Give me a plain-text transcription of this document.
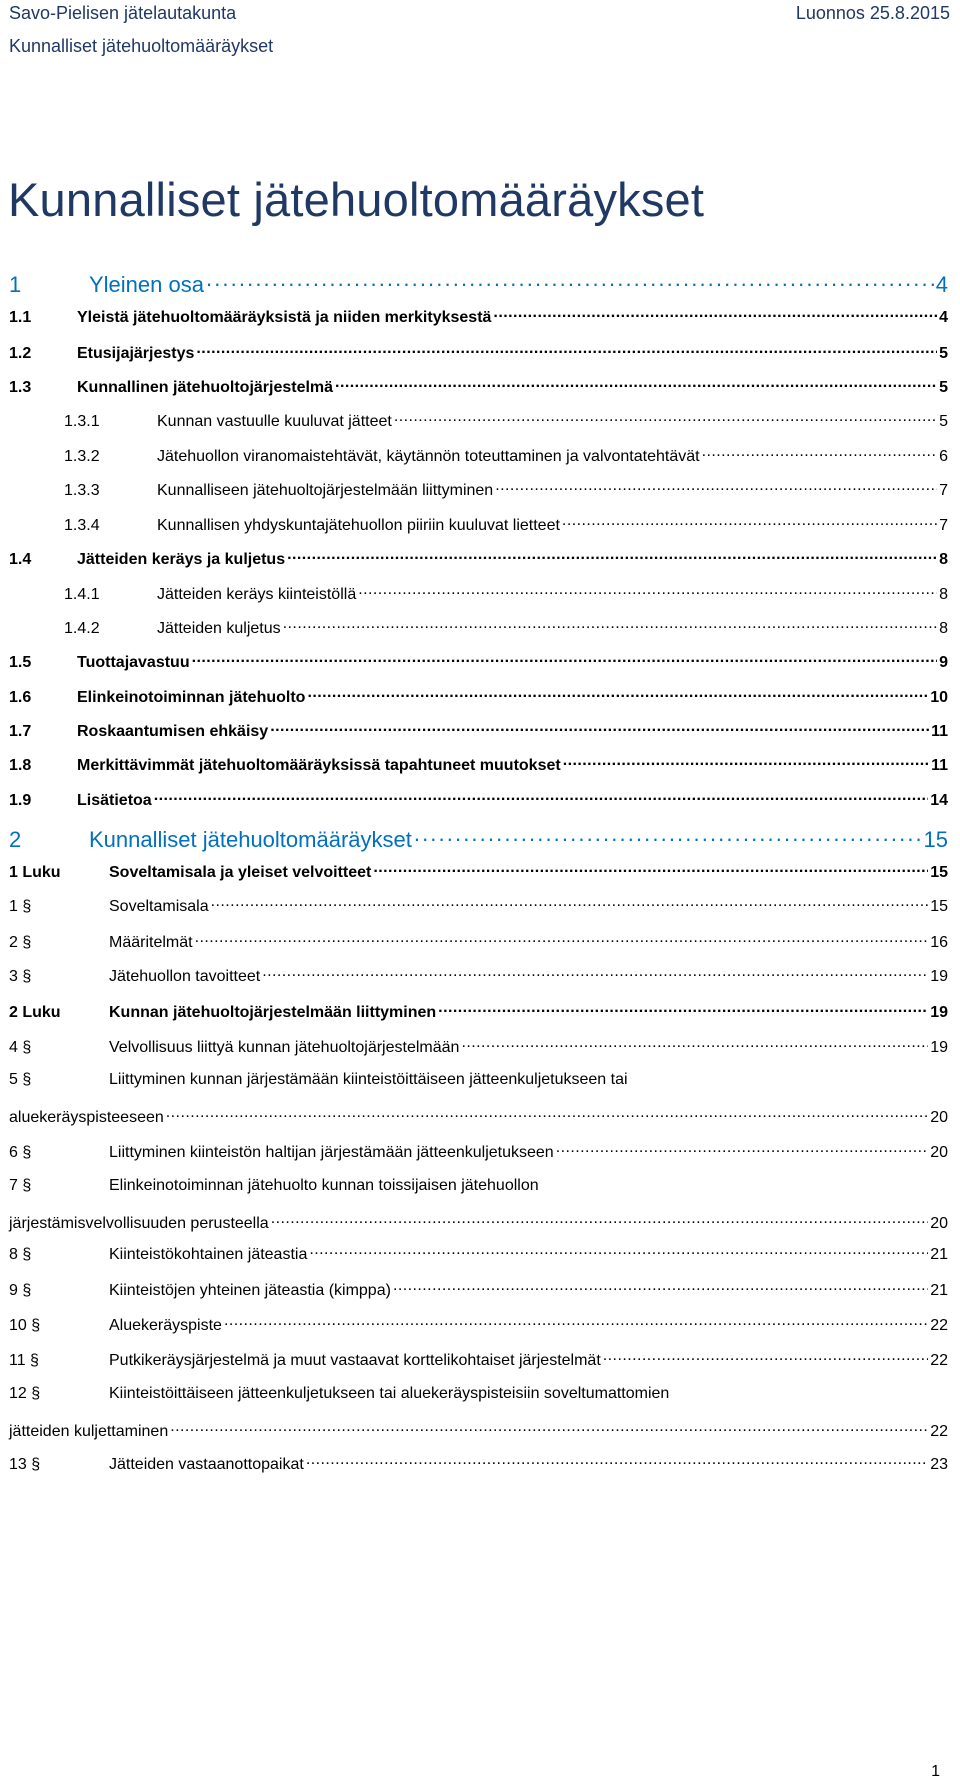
Savo-Pielisen jätelautakunta	Luonnos 25.8.2015
Kunnalliset jätehuoltomääräykset
Kunnalliset jätehuoltomääräykset
1	Yleinen osa . . .	4
1.1	Yleistä jätehuoltomääräyksistä ja niiden merkityksestä . . .	4
1.2	Etusijajärjestys . . .	5
1.3	Kunnallinen jätehuoltojärjestelmä . . .	5
1.3.1	Kunnan vastuulle kuuluvat jätteet . . .	5
1.3.2	Jätehuollon viranomaistehtävät, käytännön toteuttaminen ja valvontatehtävät . . .	6
1.3.3	Kunnalliseen jätehuoltojärjestelmään liittyminen . . .	7
1.3.4	Kunnallisen yhdyskuntajätehuollon piiriin kuuluvat lietteet . . .	7
1.4	Jätteiden keräys ja kuljetus . . .	8
1.4.1	Jätteiden keräys kiinteistöllä . . .	8
1.4.2	Jätteiden kuljetus . . .	8
1.5	Tuottajavastuu . . .	9
1.6	Elinkeinotoiminnan jätehuolto . . .	10
1.7	Roskaantumisen ehkäisy . . .	11
1.8	Merkittävimmät jätehuoltomääräyksissä tapahtuneet muutokset . . .	11
1.9	Lisätietoa . . .	14
2	Kunnalliset jätehuoltomääräykset . . .	15
1 Luku	Soveltamisala ja yleiset velvoitteet . . .	15
1 §	Soveltamisala . . .	15
2 §	Määritelmät . . .	16
3 §	Jätehuollon tavoitteet . . .	19
2 Luku	Kunnan jätehuoltojärjestelmään liittyminen . . .	19
4 §	Velvollisuus liittyä kunnan jätehuoltojärjestelmään . . .	19
5 §	Liittyminen kunnan järjestämään kiinteistöittäiseen jätteenkuljetukseen tai
aluekeräyspisteeseen . . .	20
6 §	Liittyminen kiinteistön haltijan järjestämään jätteenkuljetukseen . . .	20
7 §	Elinkeinotoiminnan jätehuolto kunnan toissijaisen jätehuollon
järjestämisvelvollisuuden perusteella . . .	20
8 §	Kiinteistökohtainen jäteastia . . .	21
9 §	Kiinteistöjen yhteinen jäteastia (kimppa) . . .	21
10 §	Aluekeräyspiste . . .	22
11 §	Putkikeräysjärjestelmä ja muut vastaavat korttelikohtaiset järjestelmät . . .	22
12 §	Kiinteistöittäiseen jätteenkuljetukseen tai aluekeräyspisteisiin soveltumattomien
jätteiden kuljettaminen . . .	22
13 §	Jätteiden vastaanottopaikat . . .	23
1
